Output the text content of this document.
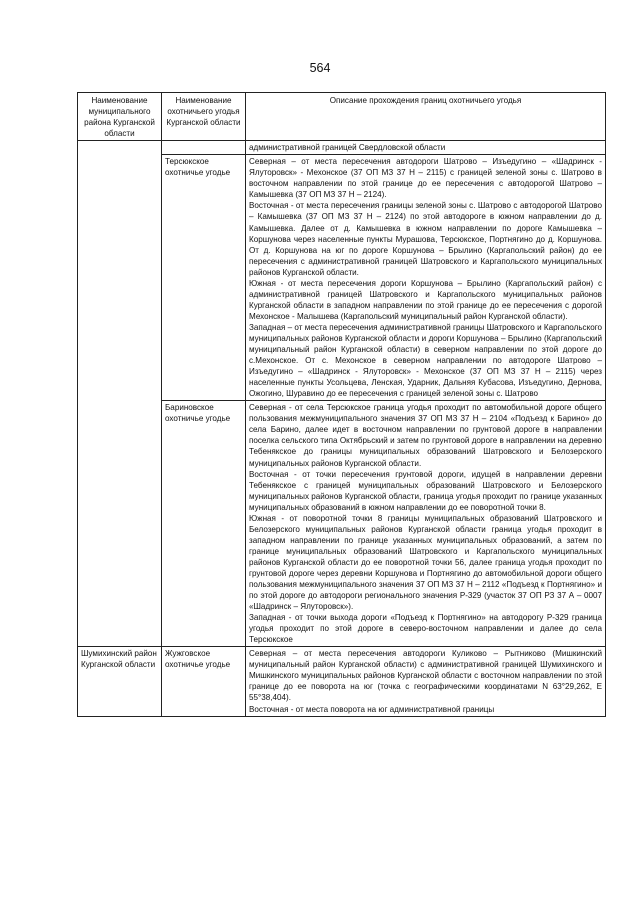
564
Наименование муниципального района Курганской области	Наименование охотничьего угодья Курганской области	Описание прохождения границ охотничьего угодья

		административной границей Свердловской области

	Терсюкское охотничье угодье	Северная – от места пересечения автодороги Шатрово – Изъедугино – «Шадринск - Ялуторовск» - Мехонское (37 ОП МЗ 37 Н – 2115) с границей зеленой зоны с. Шатрово в восточном направлении по этой границе до ее пересечения с автодорогой Шатрово – Камышевка (37 ОП МЗ 37 Н – 2124).

Восточная - от места пересечения границы зеленой зоны с. Шатрово с автодорогой Шатрово – Камышевка (37 ОП МЗ 37 Н – 2124) по этой автодороге в южном направлении до д. Камышевка. Далее от д. Камышевка в южном направлении по дороге Камышевка – Коршунова через населенные пункты Мурашова, Терсюкское, Портнягино до д. Коршунова. От д. Коршунова на юг по дороге Коршунова – Брылино (Каргапольский район) до ее пересечения с административной границей Шатровского и Каргапольского муниципальных районов Курганской области.

Южная - от места пересечения дороги Коршунова – Брылино (Каргапольский район) с административной границей Шатровского и Каргапольского муниципальных районов Курганской области в западном направлении по этой границе до ее пересечения с дорогой Мехонское - Малышева (Каргапольский муниципальный район Курганской области).

Западная – от места пересечения административной границы Шатровского и Каргапольского муниципальных районов Курганской области и дороги Коршунова – Брылино (Каргапольский муниципальный район Курганской области) в северном направлении по этой дороге до с.Мехонское. От с. Мехонское в северном направлении по автодороге Шатрово – Изъедугино – «Шадринск - Ялуторовск» - Мехонское (37 ОП МЗ 37 Н – 2115) через населенные пункты Усольцева, Ленская, Ударник, Дальняя Кубасова, Изъедугино, Дернова, Ожогино, Шуравино до ее пересечения с границей зеленой зоны с. Шатрово

	Бариновское охотничье угодье	Северная - от села Терсюкское граница угодья проходит по автомобильной дороге общего пользования межмуниципального значения 37 ОП МЗ 37 Н – 2104 «Подъезд к Барино» до села Барино, далее идет в восточном направлении по грунтовой дороге в направлении поселка сельского типа Октябрьский и затем по грунтовой дороге в направлении на деревню Тебенякское до границы муниципальных образований Шатровского и Белозерского муниципальных районов Курганской области.

Восточная - от точки пересечения грунтовой дороги, идущей в направлении деревни Тебенякское с границей муниципальных образований Шатровского и Белозерского муниципальных районов Курганской области, граница угодья проходит по границе указанных муниципальных образований в южном направлении до ее поворотной точки 8.

Южная - от поворотной точки 8 границы муниципальных образований Шатровского и Белозерского муниципальных районов Курганской области граница угодья проходит в западном направлении по границе указанных муниципальных образований, а затем по границе муниципальных образований Шатровского и Каргапольского муниципальных районов Курганской области до ее поворотной точки 56, далее граница угодья проходит по грунтовой дороге через деревни Коршунова и Портнягино до автомобильной дороги общего пользования межмуниципального значения 37 ОП МЗ 37 Н – 2112 «Подъезд к Портнягино» и по этой дороге до автодороги регионального значения Р-329 (участок 37 ОП РЗ 37 А – 0007 «Шадринск – Ялуторовск»).

Западная - от точки выхода дороги «Подъезд к Портнягино» на автодорогу Р-329 граница угодья проходит по этой дороге в северо-восточном направлении и далее до села Терсюкское

Шумихинский район Курганской области	Жужговское охотничье угодье	Северная – от места пересечения автодороги Куликово – Рытниково (Мишкинский муниципальный район Курганской области) с административной границей Шумихинского и Мишкинского муниципальных районов Курганской области с восточном направлении по этой границе до ее поворота на юг (точка с географическими координатами N 63°29,262, E 55°38,404).

Восточная - от места поворота на юг административной границы
